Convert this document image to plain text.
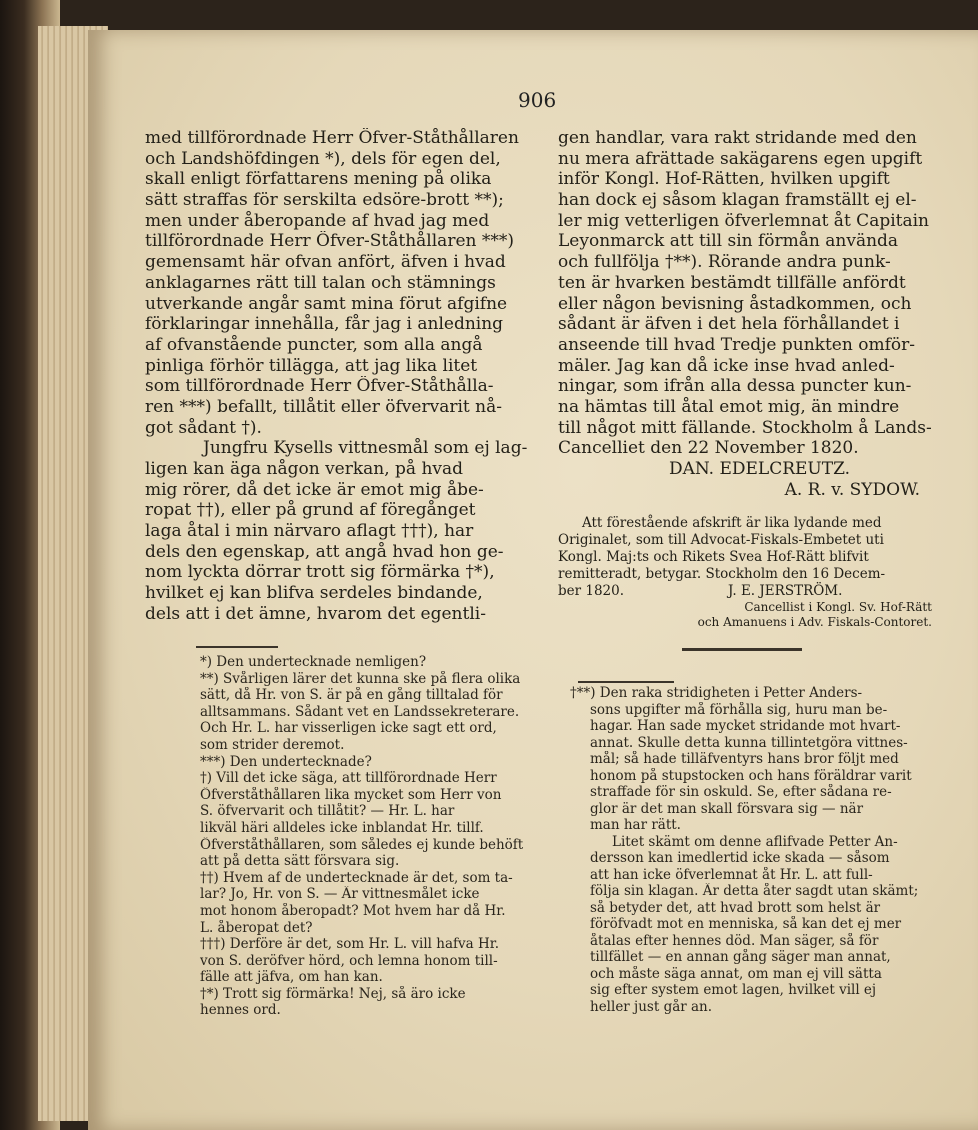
906
med tillförordnade Herr Öfver-Ståthållaren
och Landshöfdingen *), dels för egen del,
skall enligt författarens mening på olika
sätt straffas för serskilta edsöre-brott **);
men under åberopande af hvad jag med
tillförordnade Herr Öfver-Ståthållaren ***)
gemensamt här ofvan anfört, äfven i hvad
anklagarnes rätt till talan och stämnings
utverkande angår samt mina förut afgifne
förklaringar innehålla, får jag i anledning
af ofvanstående puncter, som alla angå
pinliga förhör tillägga, att jag lika litet
som tillförordnade Herr Öfver-Ståthålla-
ren ***) befallt, tillåtit eller öfvervarit nå-
got sådant †).
Jungfru Kysells vittnesmål som ej lag-
ligen kan äga någon verkan, på hvad
mig rörer, då det icke är emot mig åbe-
ropat ††), eller på grund af föregånget
laga åtal i min närvaro aflagt †††), har
dels den egenskap, att angå hvad hon ge-
nom lyckta dörrar trott sig förmärka †*),
hvilket ej kan blifva serdeles bindande,
dels att i det ämne, hvarom det egentli-
gen handlar, vara rakt stridande med den
nu mera afrättade sakägarens egen upgift
inför Kongl. Hof-Rätten, hvilken upgift
han dock ej såsom klagan framställt ej el-
ler mig vetterligen öfverlemnat åt Capitain
Leyonmarck att till sin förmån använda
och fullfölja †**). Rörande andra punk-
ten är hvarken bestämdt tillfälle anfördt
eller någon bevisning åstadkommen, och
sådant är äfven i det hela förhållandet i
anseende till hvad Tredje punkten omför-
mäler. Jag kan då icke inse hvad anled-
ningar, som ifrån alla dessa puncter kun-
na hämtas till åtal emot mig, än mindre
till något mitt fällande. Stockholm å Lands-
Cancelliet den 22 November 1820.
DAN. EDELCREUTZ.
A. R. v. SYDOW.
Att förestående afskrift är lika lydande med
Originalet, som till Advocat-Fiskals-Embetet uti
Kongl. Maj:ts och Rikets Svea Hof-Rätt blifvit
remitteradt, betygar. Stockholm den 16 Decem-
ber 1820.	J. E. JERSTRÖM.
Cancellist i Kongl. Sv. Hof-Rätt
och Amanuens i Adv. Fiskals-Contoret.
*) Den undertecknade nemligen?
**) Svårligen lärer det kunna ske på flera olika
sätt, då Hr. von S. är på en gång tilltalad för
alltsammans. Sådant vet en Landssekreterare.
Och Hr. L. har visserligen icke sagt ett ord,
som strider deremot.
***) Den undertecknade?
†) Vill det icke säga, att tillförordnade Herr
Öfverståthållaren lika mycket som Herr von
S. öfvervarit och tillåtit? — Hr. L. har
likväl häri alldeles icke inblandat Hr. tillf.
Öfverståthållaren, som således ej kunde behöft
att på detta sätt försvara sig.
††) Hvem af de undertecknade är det, som ta-
lar? Jo, Hr. von S. — Är vittnesmålet icke
mot honom åberopadt? Mot hvem har då Hr.
L. åberopat det?
†††) Derföre är det, som Hr. L. vill hafva Hr.
von S. deröfver hörd, och lemna honom till-
fälle att jäfva, om han kan.
†*) Trott sig förmärka! Nej, så äro icke
hennes ord.
†**) Den raka stridigheten i Petter Anders-
sons upgifter må förhålla sig, huru man be-
hagar. Han sade mycket stridande mot hvart-
annat. Skulle detta kunna tillintetgöra vittnes-
mål; så hade tilläfventyrs hans bror följt med
honom på stupstocken och hans föräldrar varit
straffade för sin oskuld. Se, efter sådana re-
glor är det man skall försvara sig — när
man har rätt.
Litet skämt om denne aflifvade Petter An-
dersson kan imedlertid icke skada — såsom
att han icke öfverlemnat åt Hr. L. att full-
följa sin klagan. Är detta åter sagdt utan skämt;
så betyder det, att hvad brott som helst är
föröfvadt mot en menniska, så kan det ej mer
åtalas efter hennes död. Man säger, så för
tillfället — en annan gång säger man annat,
och måste säga annat, om man ej vill sätta
sig efter system emot lagen, hvilket vill ej
heller just går an.
